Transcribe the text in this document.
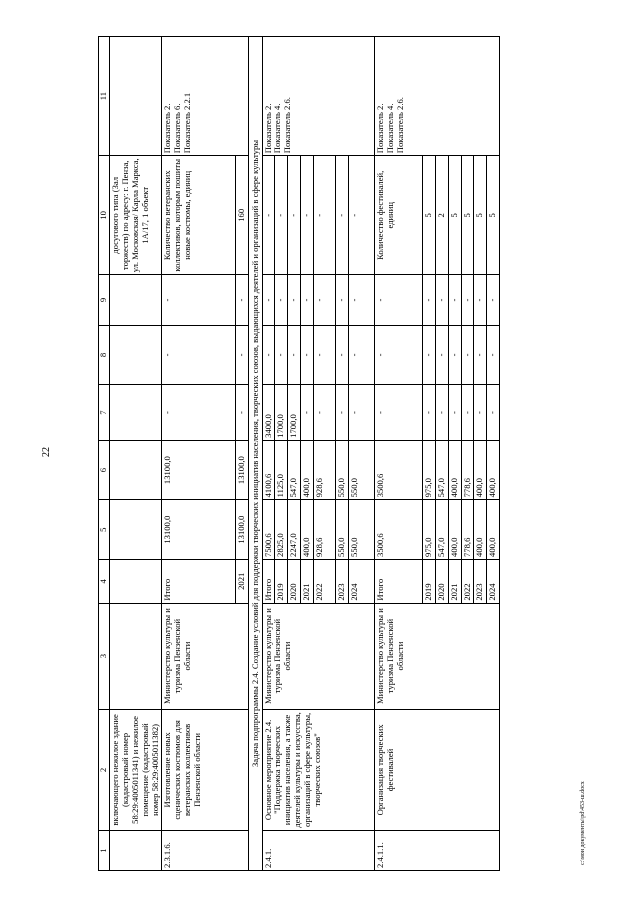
22
1	2	3	4	5	6	7	8	9	10	11
	включающего нежилое здание (кадастровый номер 58:29:4005011341) и нежилое помещение (кадастровый номер 58:29:4005011382)								досугового типа (Зал торжеств) по адресу: г. Пенза, ул. Московская/ Карла Маркса, 1А/17, 1 объект	
2.3.1.6.	Изготовление новых сценических костюмов для ветеранских коллективов Пензенской области	Министерство культуры и туризма Пензенской области	Итого	13100,0	13100,0	-	-	-	Количество ветеранских коллективов, которым пошиты новые костюмы, единиц	Показатель 2. Показатель 6. Показатель 2.2.1

			2021	13100,0	13100,0	-	-	-	160	
Задача подпрограммы 2.4. Создание условий для поддержки творческих инициатив населения, творческих союзов, выдающихся деятелей и организаций в сфере культуры										
2.4.1.	Основное мероприятие 2.4. "Поддержка творческих инициатив населения, а также деятелей культуры и искусства, организаций в сфере культуры, творческих союзов"	Министерство культуры и туризма Пензенской области	Итого	7500,6	4100,6	3400,0	-	-	-	Показатель 2. Показатель 4. Показатель 2.6.

			2019	2825,0	1125,0	1700,0	-	-	-	
			2020	2247,0	547,0	1700,0	-	-	-	
			2021	400,0	400,0	-	-	-	-	
			2022	928,6	928,6	-	-	-	-	
			2023	550,0	550,0	-	-	-	-	
			2024	550,0	550,0	-	-	-	-	
2.4.1.1.	Организация творческих фестивалей	Министерство культуры и туризма Пензенской области	Итого	3500,6	3500,6	-	-	-	Количество фестивалей, единиц	Показатель 2. Показатель 4. Показатель 2.6.

			2019	975,0	975,0	-	-	-	5	
			2020	547,0	547,0	-	-	-	2	
			2021	400,0	400,0	-	-	-	5	
			2022	778,6	778,6	-	-	-	5	
			2023	400,0	400,0	-	-	-	5	
			2024	400,0	400,0	-	-	-	5	
c:\мои документы\pd\453-ш.docx
